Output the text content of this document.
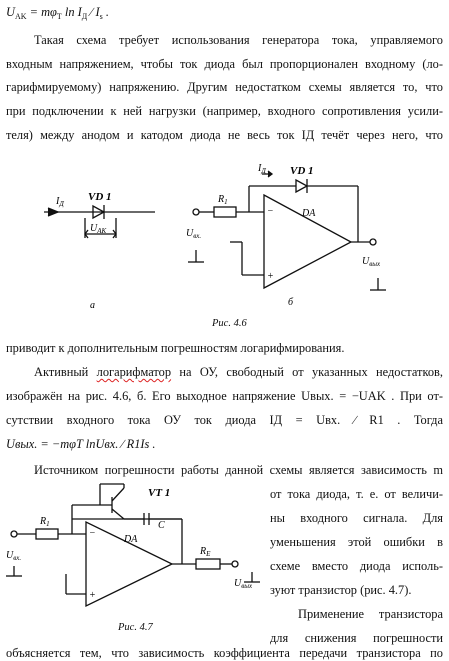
$U_{AK} = m\varphi_T$ $\ln I_Д$ ∕ $I_s$ .
Такая схема требует использования генератора тока, управляемого
входным напряжением, чтобы ток диода был пропорционален входному (ло-
гарифмируемому) напряжению. Другим недостатком схемы является то, что
при подключении к ней нагрузки (например, входного сопротивления усили-
теля) между анодом и катодом диода не весь ток IД течёт через него, что
$I_Д$
VD 1
$U_{AK}$
а
$I_Д$ VD 1
$R_1$
DA
−
+
$U_{вх.}$
$U_{вых}$
б
Рис. 4.6
приводит к дополнительным погрешностям логарифмирования.
Активный логарифматор на ОУ, свободный от указанных недостатков,
изображён на рис. 4.6, б. Его выходное напряжение Uвых. = −UAK . При от-
сутствии входного тока ОУ ток диода IД = Uвх. ∕ R1 . Тогда
Uвых. = −mφT lnUвх. ∕ R1Is .
Источником погрешности работы данной схемы является зависимость m
от тока диода, т. е. от величи-
ны входного сигнала. Для
уменьшения этой ошибки в
схеме вместо диода исполь-
зуют транзистор (рис. 4.7).
Применение транзистора
для снижения погрешности
объясняется тем, что зависимость коэффициента передачи транзистора по
VT 1
C
$R_1$
$R_E$
DA
−
+
$U_{вх.}$
$U_{вых}$
Рис. 4.7
